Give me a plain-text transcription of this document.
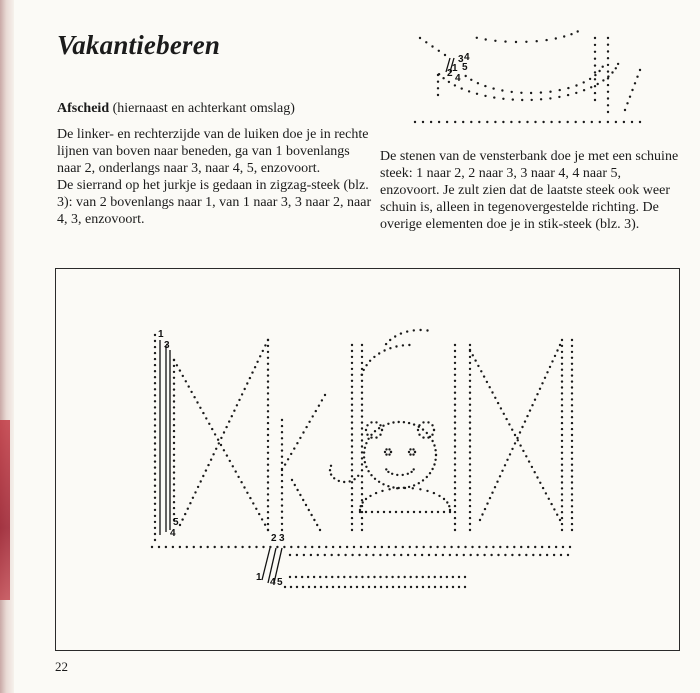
Vakantieberen
Afscheid (hiernaast en achterkant omslag)
De linker- en rechterzijde van de luiken doe je in rechte lijnen van boven naar beneden, ga van 1 bovenlangs naar 2, onderlangs naar 3, naar 4, 5, enzovoort.
De sierrand op het jurkje is gedaan in zigzag-steek (blz. 3): van 2 bovenlangs naar 1, van 1 naar 3, 3 naar 2, naar 4, 3, enzovoort.
De stenen van de vensterbank doe je met een schuine steek: 1 naar 2, 2 naar 3, 3 naar 4, 4 naar 5, enzovoort. Je zult zien dat de laatste steek ook weer schuin is, alleen in tegenovergestelde richting. De overige elementen doe je in stik-steek (blz. 3).
3
1
2 4
4
5
1
3
5
4	2 3
1 4 5
22
